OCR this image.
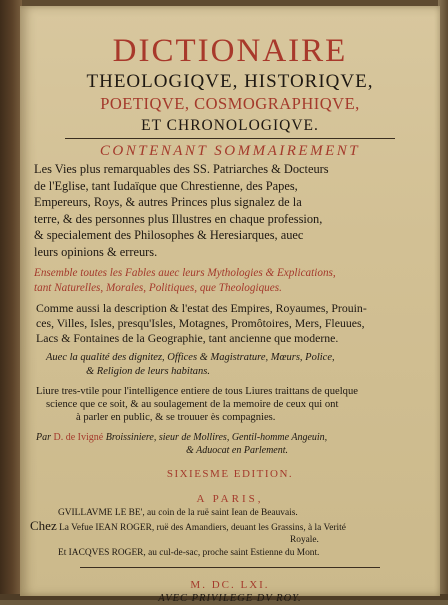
DICTIONAIRE
THEOLOGIQVE, HISTORIQVE,
POETIQVE, COSMOGRAPHIQVE,
ET CHRONOLOGIQVE.
CONTENANT SOMMAIREMENT
Les Vies plus remarquables des SS. Patriarches & Docteurs
de l'Eglise, tant Iudaïque que Chrestienne, des Papes,
Empereurs, Roys, & autres Princes plus signalez de la
terre, & des personnes plus Illustres en chaque profession,
& specialement des Philosophes & Heresiarques, auec
leurs opinions & erreurs.
Ensemble toutes les Fables auec leurs Mythologies & Explications,
tant Naturelles, Morales, Politiques, que Theologiques.
Comme aussi la description & l'estat des Empires, Royaumes, Prouin-
ces, Villes, Isles, presqu'Isles, Motagnes, Promôtoires, Mers, Fleuues,
Lacs & Fontaines de la Geographie, tant ancienne que moderne.
Auec la qualité des dignitez, Offices & Magistrature, Mœurs, Police,
& Religion de leurs habitans.
Liure tres-vtile pour l'intelligence entiere de tous Liures traittans de quelque
science que ce soit, & au soulagement de la memoire de ceux qui ont
à parler en public, & se trouuer ès compagnies.
Par D. de Ivigné Broissiniere, sieur de Mollires, Gentil-homme Angeuin,
& Aduocat en Parlement.
SIXIESME EDITION.
A PARIS,
GVILLAVME LE BE', au coin de la ruë saint Iean de Beauvais.
Chez La Vefue IEAN ROGER, ruë des Amandiers, deuant les Grassins, à la Verité
Royale.
Et IACQVES ROGER, au cul-de-sac, proche saint Estienne du Mont.
M. DC. LXI.
AVEC PRIVILEGE DV ROY.
